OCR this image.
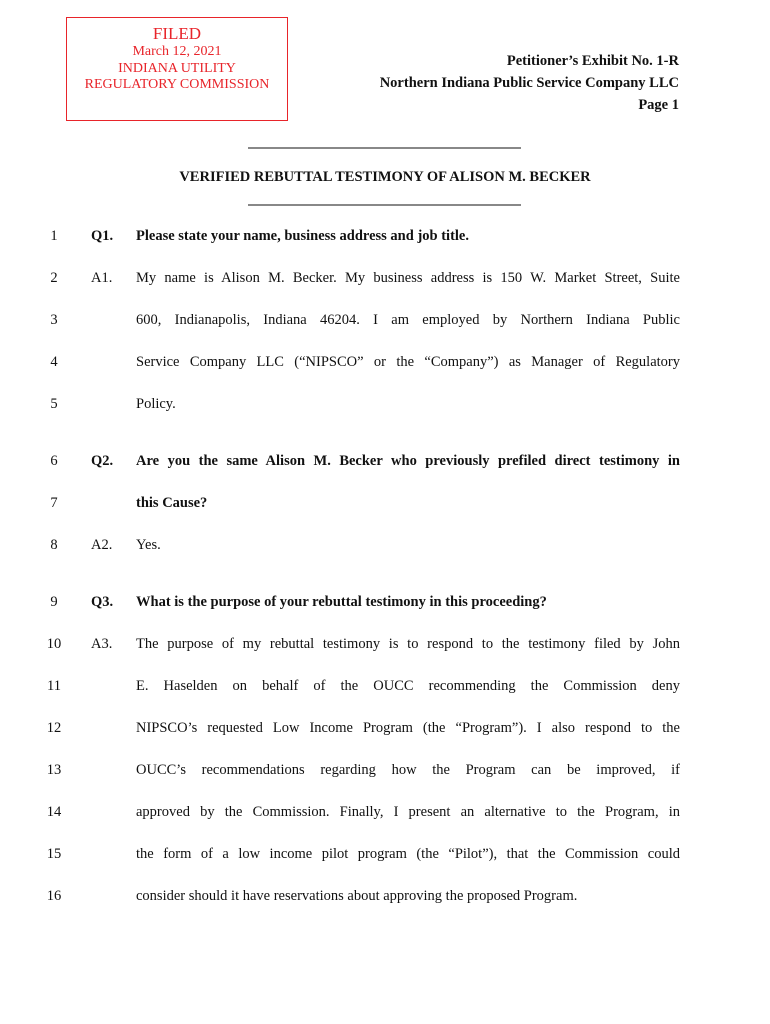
FILED
March 12, 2021
INDIANA UTILITY
REGULATORY COMMISSION
Petitioner’s Exhibit No. 1-R
Northern Indiana Public Service Company LLC
Page 1
VERIFIED REBUTTAL TESTIMONY OF ALISON M. BECKER
1	Q1. Please state your name, business address and job title.
2	A1. My name is Alison M. Becker. My business address is 150 W. Market Street, Suite
3	600, Indianapolis, Indiana 46204. I am employed by Northern Indiana Public
4	Service Company LLC (“NIPSCO” or the “Company”) as Manager of Regulatory
5	Policy.
6	Q2. Are you the same Alison M. Becker who previously prefiled direct testimony in
7	this Cause?
8	A2. Yes.
9	Q3. What is the purpose of your rebuttal testimony in this proceeding?
10	A3. The purpose of my rebuttal testimony is to respond to the testimony filed by John
11	E. Haselden on behalf of the OUCC recommending the Commission deny
12	NIPSCO’s requested Low Income Program (the “Program”). I also respond to the
13	OUCC’s recommendations regarding how the Program can be improved, if
14	approved by the Commission. Finally, I present an alternative to the Program, in
15	the form of a low income pilot program (the “Pilot”), that the Commission could
16	consider should it have reservations about approving the proposed Program.
